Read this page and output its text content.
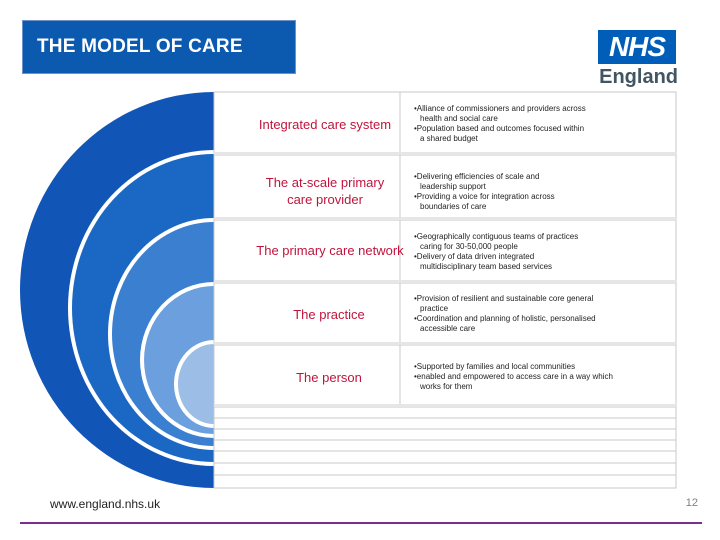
THE MODEL OF CARE	NHS
England
Integrated care system
The at-scale primary
care provider
The primary care network
The practice
The person
•Alliance of commissioners and providers across
health and social care
•Population based and outcomes focused within
a shared budget
•Delivering efficiencies of scale and
leadership support
•Providing a voice for integration across
boundaries of care
•Geographically contiguous teams of practices
caring for 30-50,000 people
•Delivery of data driven integrated
multidisciplinary team based services
•Provision of resilient and sustainable core general
practice
•Coordination and planning of holistic, personalised
accessible care
•Supported by families and local communities
•enabled and empowered to access care in a way which
works for them
www.england.nhs.uk	12
